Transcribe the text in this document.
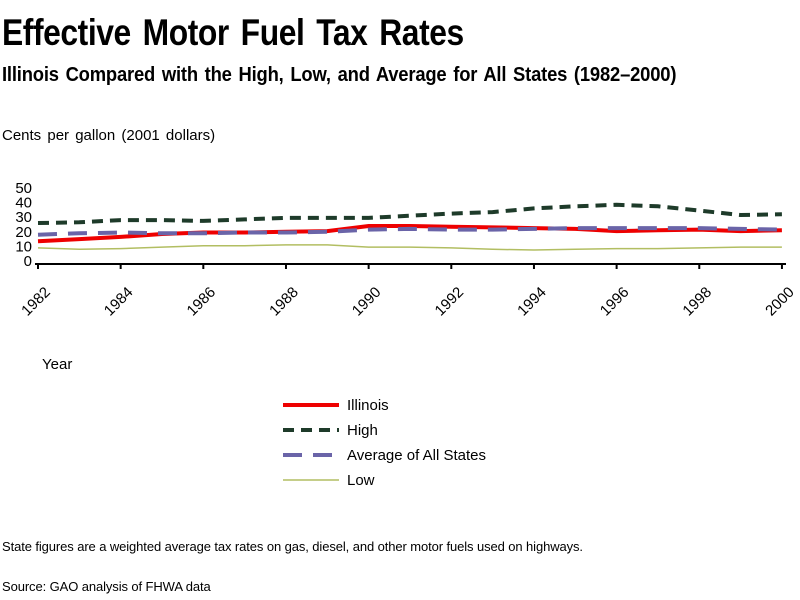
Effective Motor Fuel Tax Rates
Illinois Compared with the High, Low, and Average for All States (1982–2000)
Cents per gallon (2001 dollars)
0
10
20
30
40
50
1982	1984	1986	1988	1990	1992	1994	1996	1998	2000
Year
Illinois
High
Average of All States
Low
State figures are a weighted average tax rates on gas, diesel, and other motor fuels used on highways.
Source: GAO analysis of FHWA data
